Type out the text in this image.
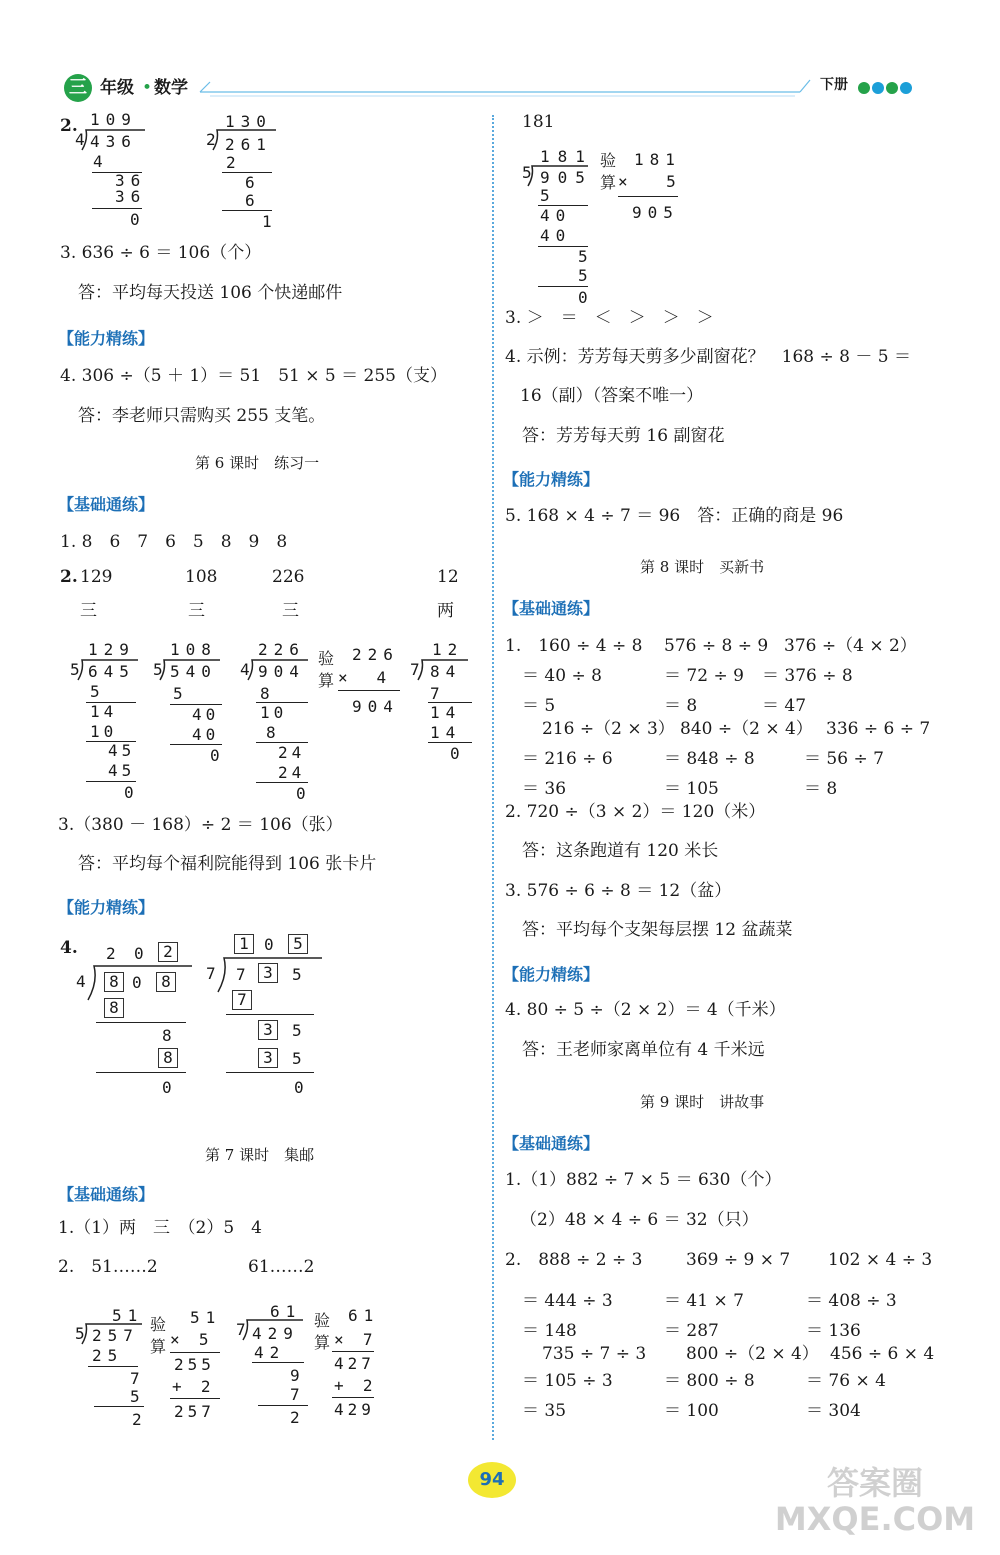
三 年级 • 数学	下册
2. 109
4 436
4
36
36
0
130
2 261
2
6
6
1
3. 636 ÷ 6 ＝ 106（个）
答：平均每天投送 106 个快递邮件
【能力精练】
4. 306 ÷（5 ＋ 1）＝ 51　51 × 5 ＝ 255（支）
答：李老师只需购买 255 支笔。
第 6 课时　练习一
【基础通练】
1. 8　6　7　6　5　8　9　8
2. 129	108	226	12
三	三	三	两
129
5 645
5
14
10
45
45
0
108
5 540
5
40
40
0
226
4 904
8
10
8
24
24
0
验算
226
×   4
904
12
7 84
7
14
14
0
3.（380 － 168）÷ 2 ＝ 106（张）
答：平均每个福利院能得到 106 张卡片
【能力精练】
4. 2 0	2
4	8 0	8
8
8
8
0
1 0	5
7 7	3	5
7
3	5
3	5
0
第 7 课时　集邮
【基础通练】
1.（1）两　三　（2）5　4
2.　51……2	61……2
51
5 257
25
7
5
2
验算
51
×  5
255
+  2
257
61
7 429
42
9
7
2
验算
61
×  7
427
+  2
429
181
181
5 905
5
40
40
5
5
0
验算
181
×    5
905
3. ＞　＝　＜　＞　＞　＞
4. 示例：芳芳每天剪多少副窗花？　168 ÷ 8 － 5 ＝
16（副）（答案不唯一）
答：芳芳每天剪 16 副窗花
【能力精练】
5. 168 × 4 ÷ 7 ＝ 96　答：正确的商是 96
第 8 课时　买新书
【基础通练】
1.　160 ÷ 4 ÷ 8 576 ÷ 8 ÷ 9 376 ÷（4 × 2）
＝ 40 ÷ 8	＝ 72 ÷ 9 ＝ 376 ÷ 8
＝ 5	＝ 8	＝ 47
216 ÷（2 × 3） 840 ÷（2 × 4） 336 ÷ 6 ÷ 7
＝ 216 ÷ 6	＝ 848 ÷ 8	＝ 56 ÷ 7
＝ 36	＝ 105	＝ 8
2. 720 ÷（3 × 2）＝ 120（米）
答：这条跑道有 120 米长
3. 576 ÷ 6 ÷ 8 ＝ 12（盆）
答：平均每个支架每层摆 12 盆蔬菜
【能力精练】
4. 80 ÷ 5 ÷（2 × 2）＝ 4（千米）
答：王老师家离单位有 4 千米远
第 9 课时　讲故事
【基础通练】
1.（1）882 ÷ 7 × 5 ＝ 630（个）
（2）48 × 4 ÷ 6 ＝ 32（只）
2.　888 ÷ 2 ÷ 3	369 ÷ 9 × 7 102 × 4 ÷ 3
＝ 444 ÷ 3	＝ 41 × 7	＝ 408 ÷ 3
＝ 148	＝ 287	＝ 136
735 ÷ 7 ÷ 3 800 ÷（2 × 4） 456 ÷ 6 × 4
＝ 105 ÷ 3	＝ 800 ÷ 8	＝ 76 × 4
＝ 35	＝ 100	＝ 304
94	答案圈 MXQE.COM
